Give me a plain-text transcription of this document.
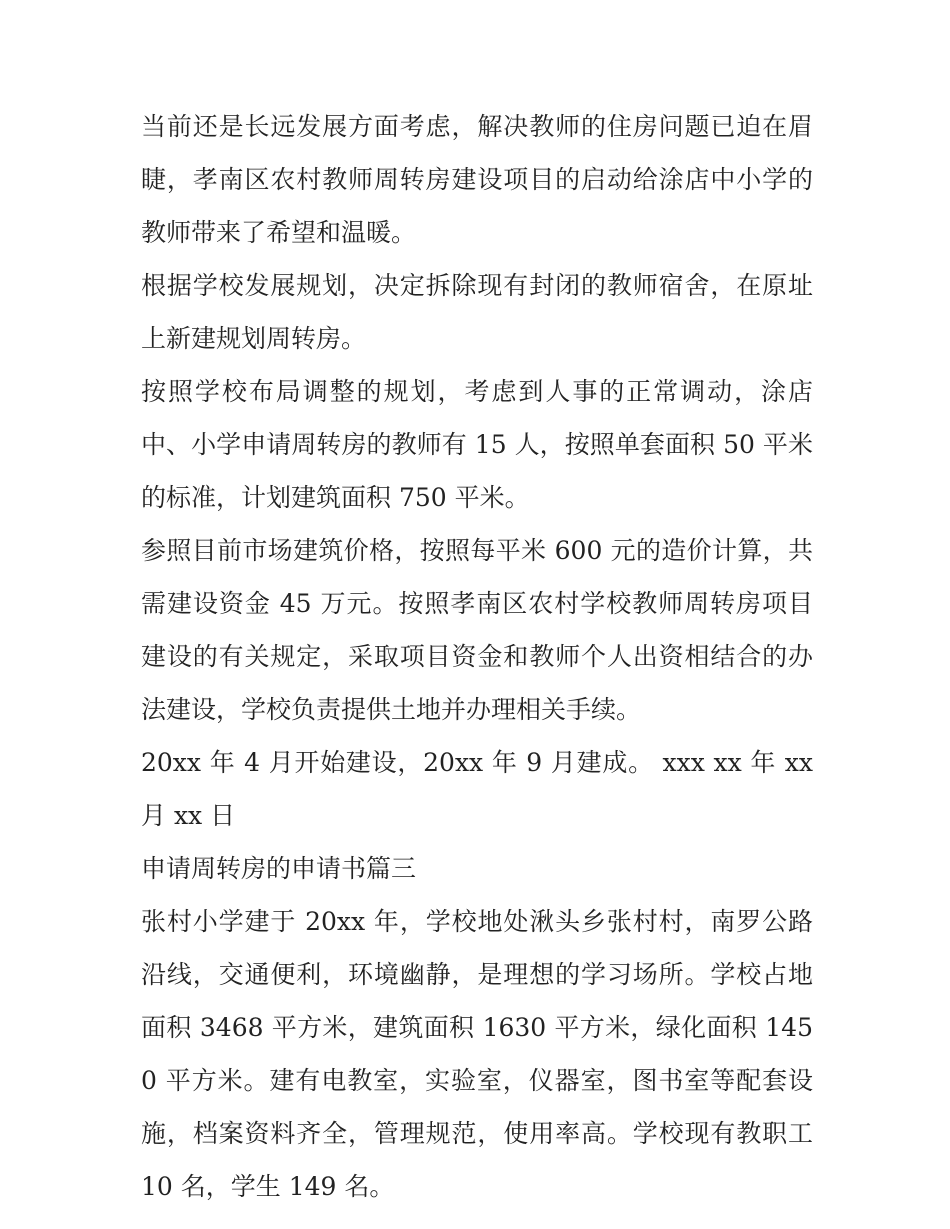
当前还是长远发展方面考虑，解决教师的住房问题已迫在眉睫，孝南区农村教师周转房建设项目的启动给涂店中小学的教师带来了希望和温暖。

根据学校发展规划，决定拆除现有封闭的教师宿舍，在原址上新建规划周转房。

按照学校布局调整的规划，考虑到人事的正常调动，涂店中、小学申请周转房的教师有 15 人，按照单套面积 50 平米的标准，计划建筑面积 750 平米。

参照目前市场建筑价格，按照每平米 600 元的造价计算，共需建设资金 45 万元。按照孝南区农村学校教师周转房项目建设的有关规定，采取项目资金和教师个人出资相结合的办法建设，学校负责提供土地并办理相关手续。

20xx 年 4 月开始建设，20xx 年 9 月建成。 xxx xx 年 xx 月 xx 日

申请周转房的申请书篇三

张村小学建于 20xx 年，学校地处湫头乡张村村，南罗公路沿线，交通便利，环境幽静，是理想的学习场所。学校占地面积 3468 平方米，建筑面积 1630 平方米，绿化面积 1450 平方米。建有电教室，实验室，仪器室，图书室等配套设施，档案资料齐全，管理规范，使用率高。学校现有教职工 10 名，学生 149 名。
